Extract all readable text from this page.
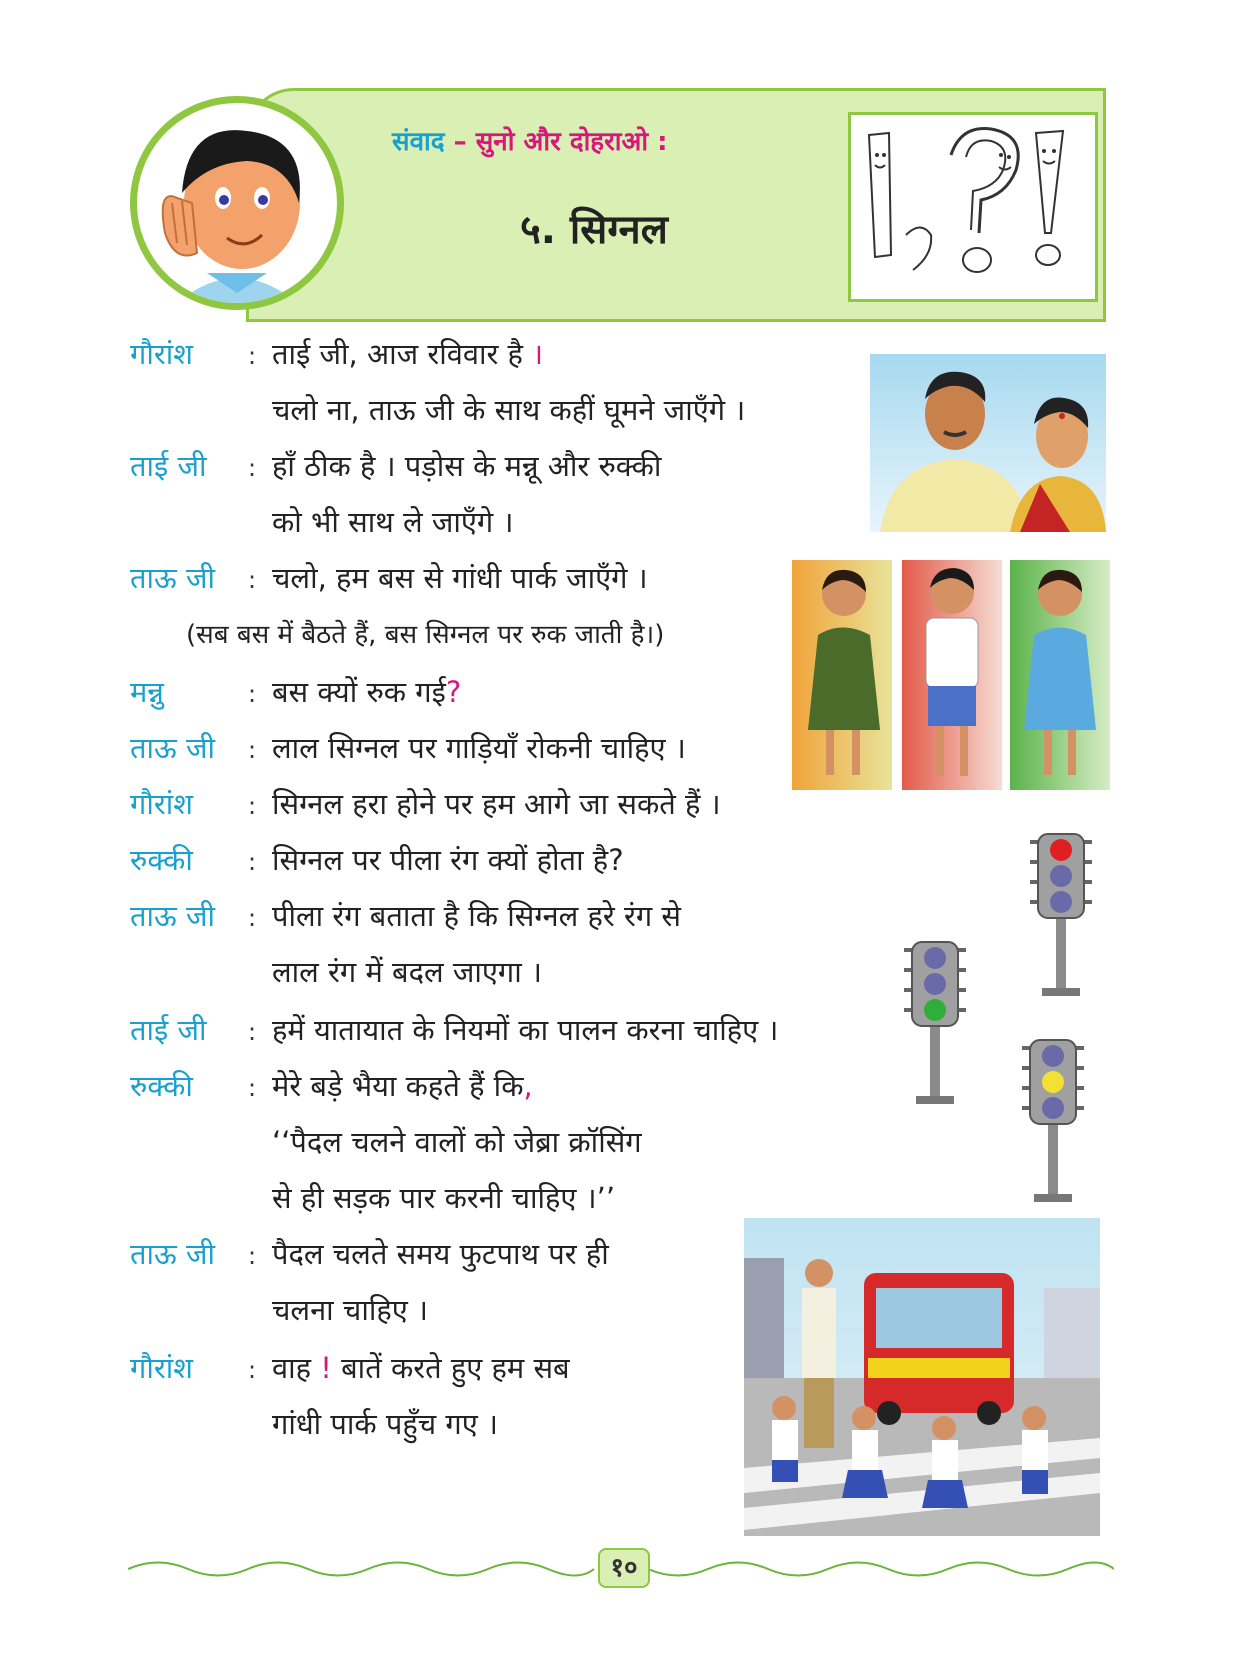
संवाद – सुनो और दोहराओ :
५. सिग्नल
गौरांश
ताई जी
ताऊ जी
मन्नु
ताऊ जी
गौरांश
रुक्की
ताऊ जी
ताई जी
रुक्की
ताऊ जी
गौरांश
:
:
:
:
:
:
:
:
:
:
:
:
ताई जी, आज रविवार है ।
चलो ना, ताऊ जी के साथ कहीं घूमने जाएँगे ।
हाँ ठीक है । पड़ोस के मन्नू और रुक्की
को भी साथ ले जाएँगे ।
चलो, हम बस से गांधी पार्क जाएँगे ।
(सब बस में बैठते हैं, बस सिग्नल पर रुक जाती है।)
बस क्यों रुक गई?
लाल सिग्नल पर गाड़ियाँ रोकनी चाहिए ।
सिग्नल हरा होने पर हम आगे जा सकते हैं ।
सिग्नल पर पीला रंग क्यों होता है?
पीला रंग बताता है कि सिग्नल हरे रंग से
लाल रंग में बदल जाएगा ।
हमें यातायात के नियमों का पालन करना चाहिए ।
मेरे बड़े भैया कहते हैं कि,
‘‘पैदल चलने वालों को जेब्रा क्रॉसिंग
से ही सड़क पार करनी चाहिए ।’’
पैदल चलते समय फुटपाथ पर ही
चलना चाहिए ।
वाह ! बातें करते हुए हम सब
गांधी पार्क पहुँच गए ।
१०
